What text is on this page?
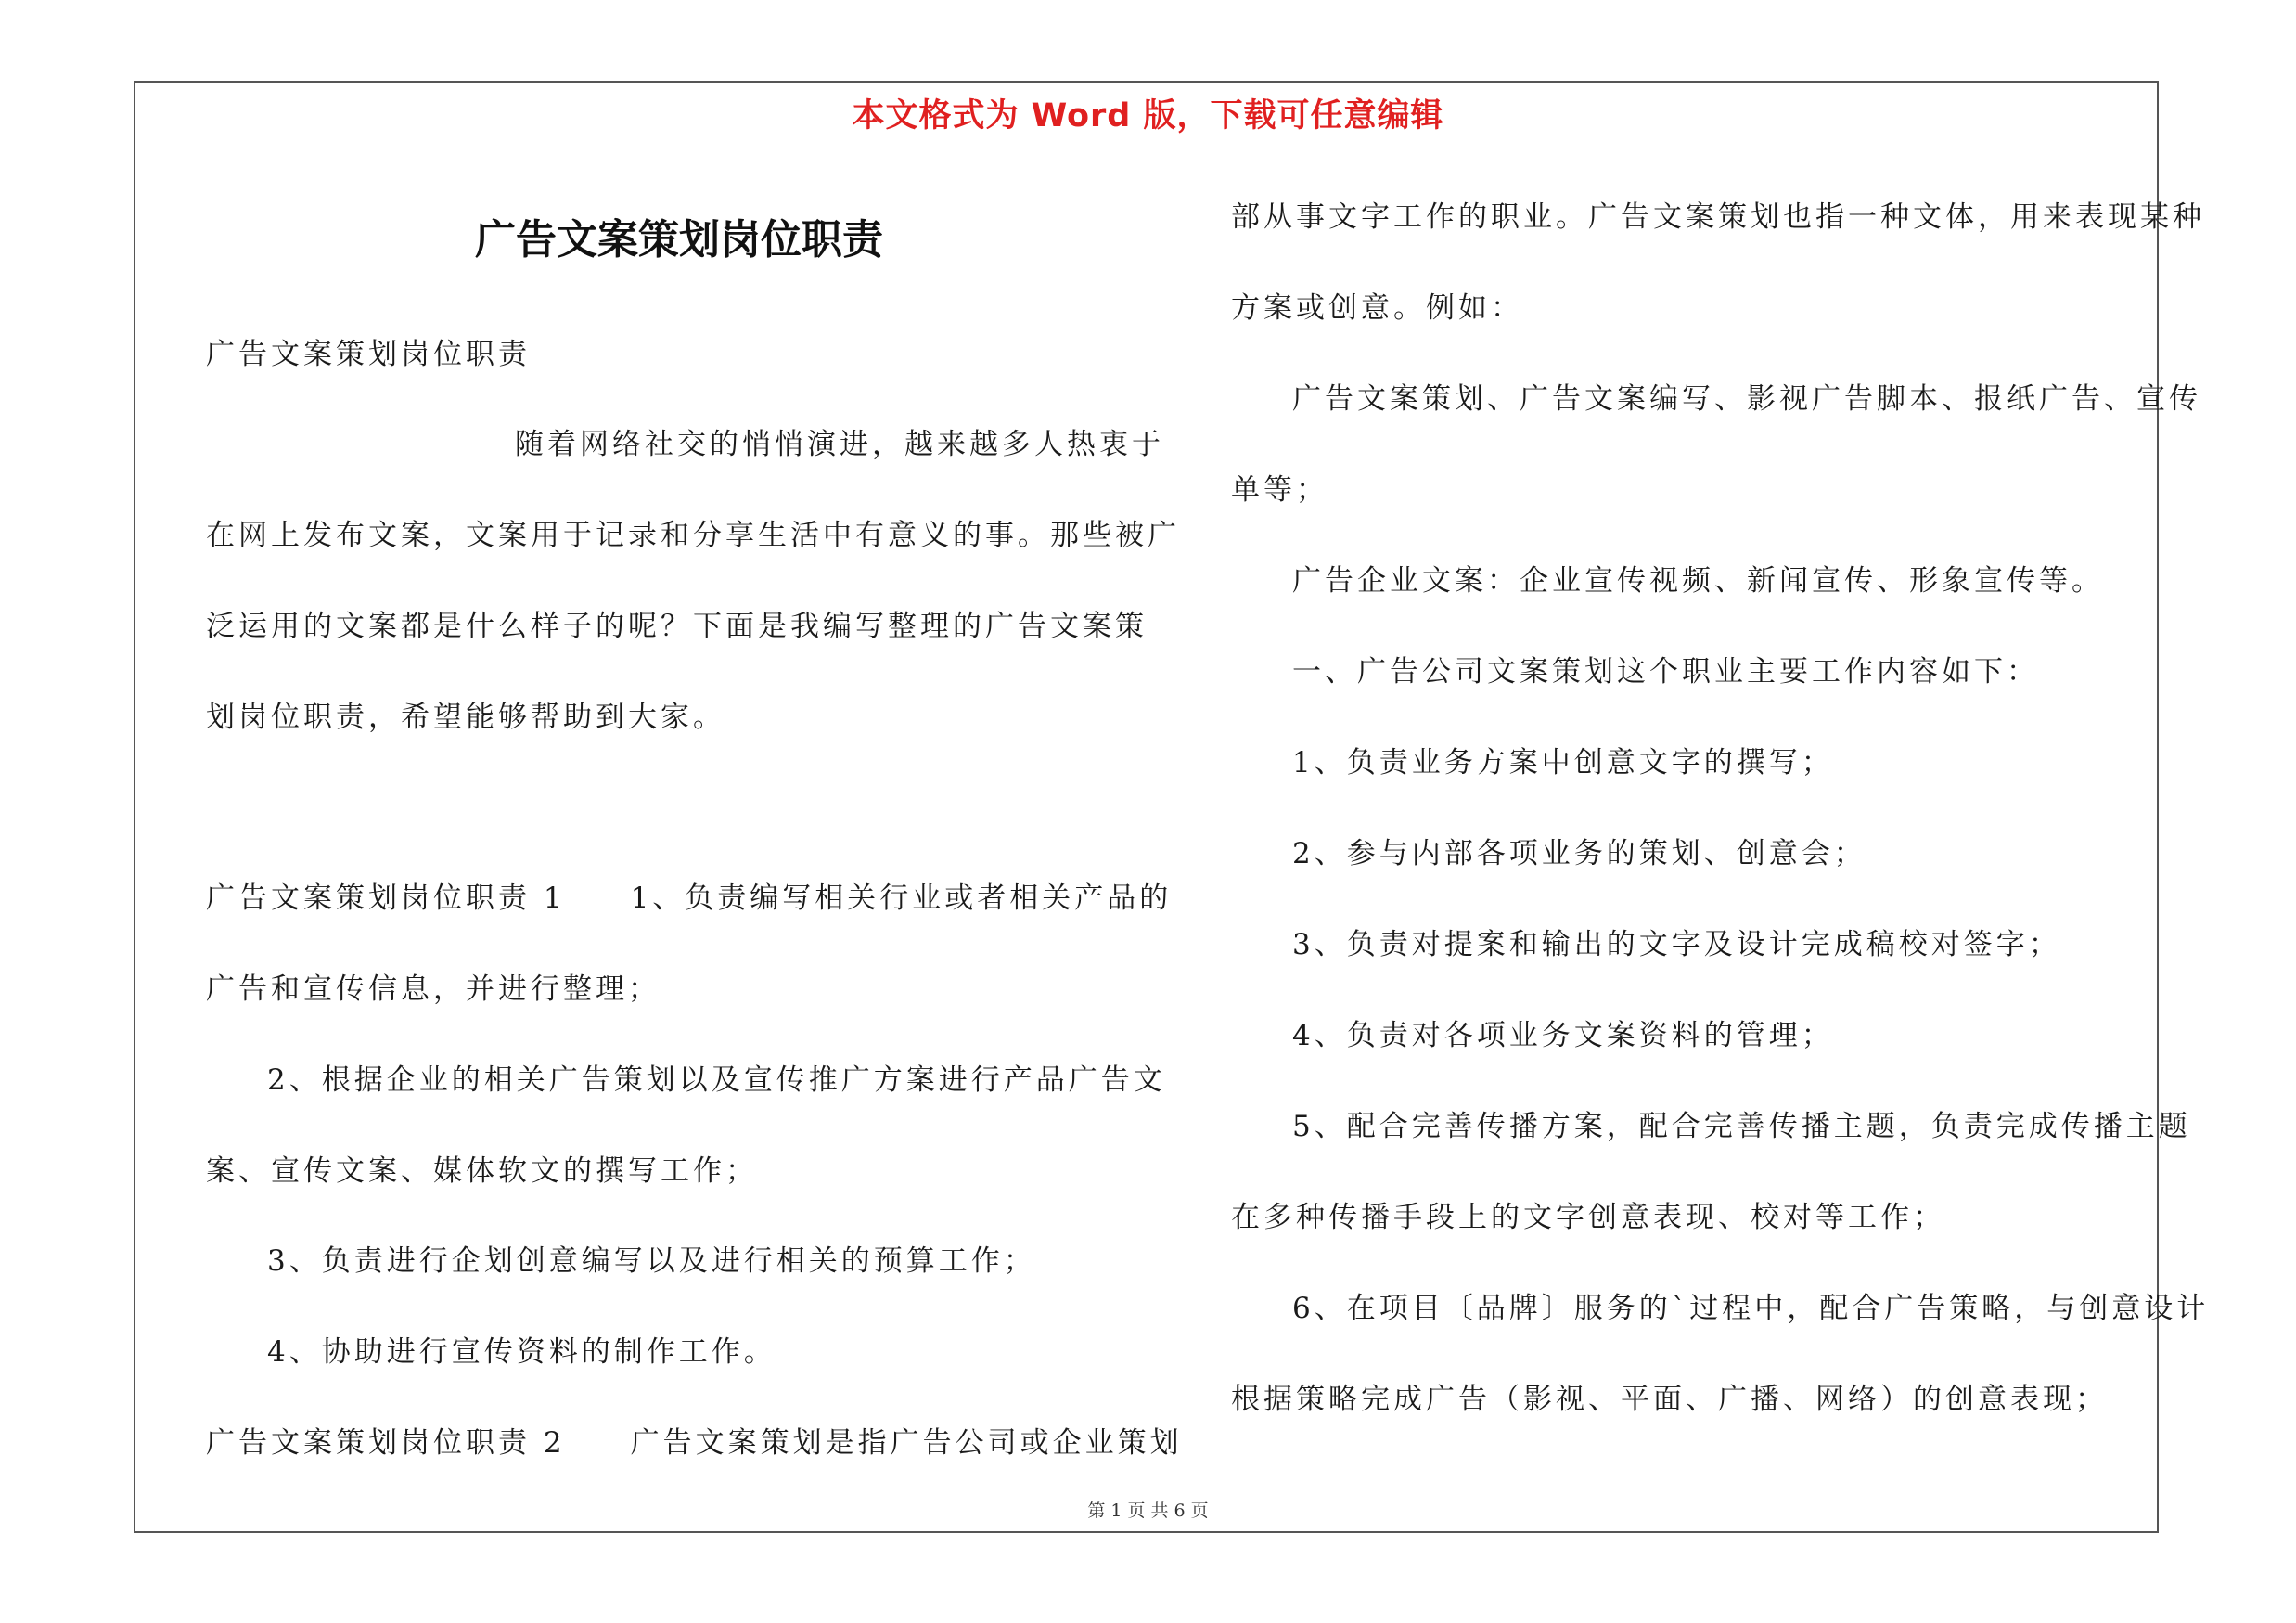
本文格式为 Word 版，下载可任意编辑
广告文案策划岗位职责
广告文案策划岗位职责
随着网络社交的悄悄演进，越来越多人热衷于
在网上发布文案，文案用于记录和分享生活中有意义的事。那些被广
泛运用的文案都是什么样子的呢？下面是我编写整理的广告文案策
划岗位职责，希望能够帮助到大家。
广告文案策划岗位职责 1　　1、负责编写相关行业或者相关产品的
广告和宣传信息，并进行整理；
2、根据企业的相关广告策划以及宣传推广方案进行产品广告文
案、宣传文案、媒体软文的撰写工作；
3、负责进行企划创意编写以及进行相关的预算工作；
4、协助进行宣传资料的制作工作。
广告文案策划岗位职责 2　　广告文案策划是指广告公司或企业策划
部从事文字工作的职业。广告文案策划也指一种文体，用来表现某种
方案或创意。例如：
广告文案策划、广告文案编写、影视广告脚本、报纸广告、宣传
单等；
广告企业文案：企业宣传视频、新闻宣传、形象宣传等。
一、广告公司文案策划这个职业主要工作内容如下：
1、负责业务方案中创意文字的撰写；
2、参与内部各项业务的策划、创意会；
3、负责对提案和输出的文字及设计完成稿校对签字；
4、负责对各项业务文案资料的管理；
5、配合完善传播方案，配合完善传播主题，负责完成传播主题
在多种传播手段上的文字创意表现、校对等工作；
6、在项目〔品牌〕服务的`过程中，配合广告策略，与创意设计
根据策略完成广告（影视、平面、广播、网络）的创意表现；
第 1 页 共 6 页
